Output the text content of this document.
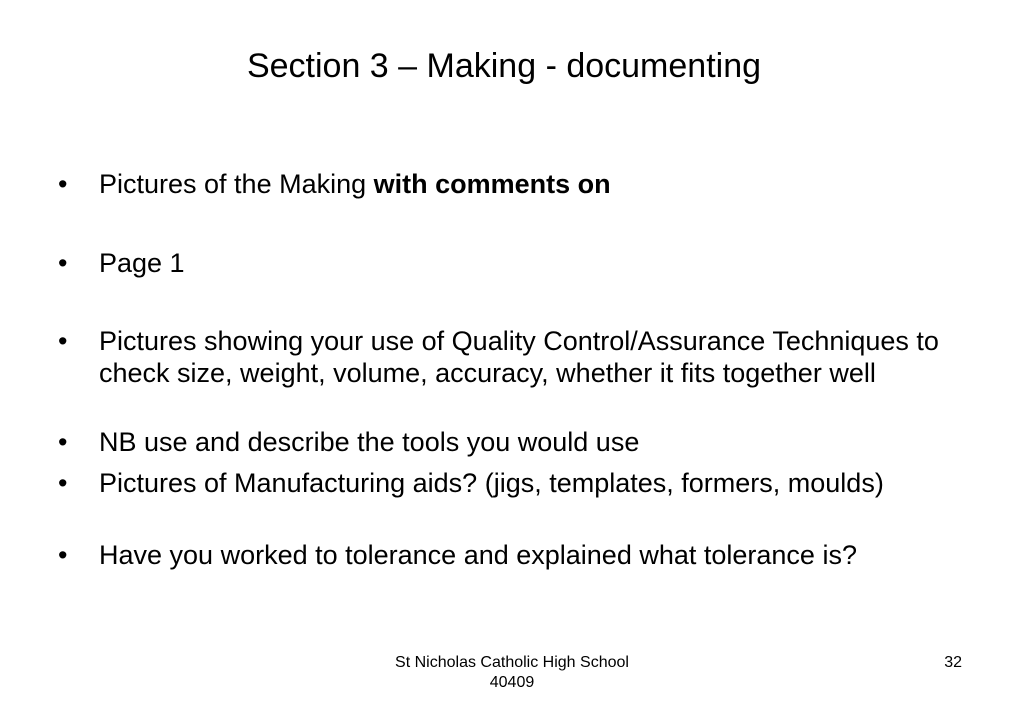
Section 3 – Making - documenting
•	Pictures of the Making with comments on
•	Page 1
•	Pictures showing your use of Quality Control/Assurance Techniques to check size, weight, volume, accuracy, whether it fits together well
•	NB use and describe the tools you would use
•	Pictures of Manufacturing aids? (jigs, templates, formers, moulds)
•	Have you worked to tolerance and explained what tolerance is?
St Nicholas Catholic High School
40409
32
